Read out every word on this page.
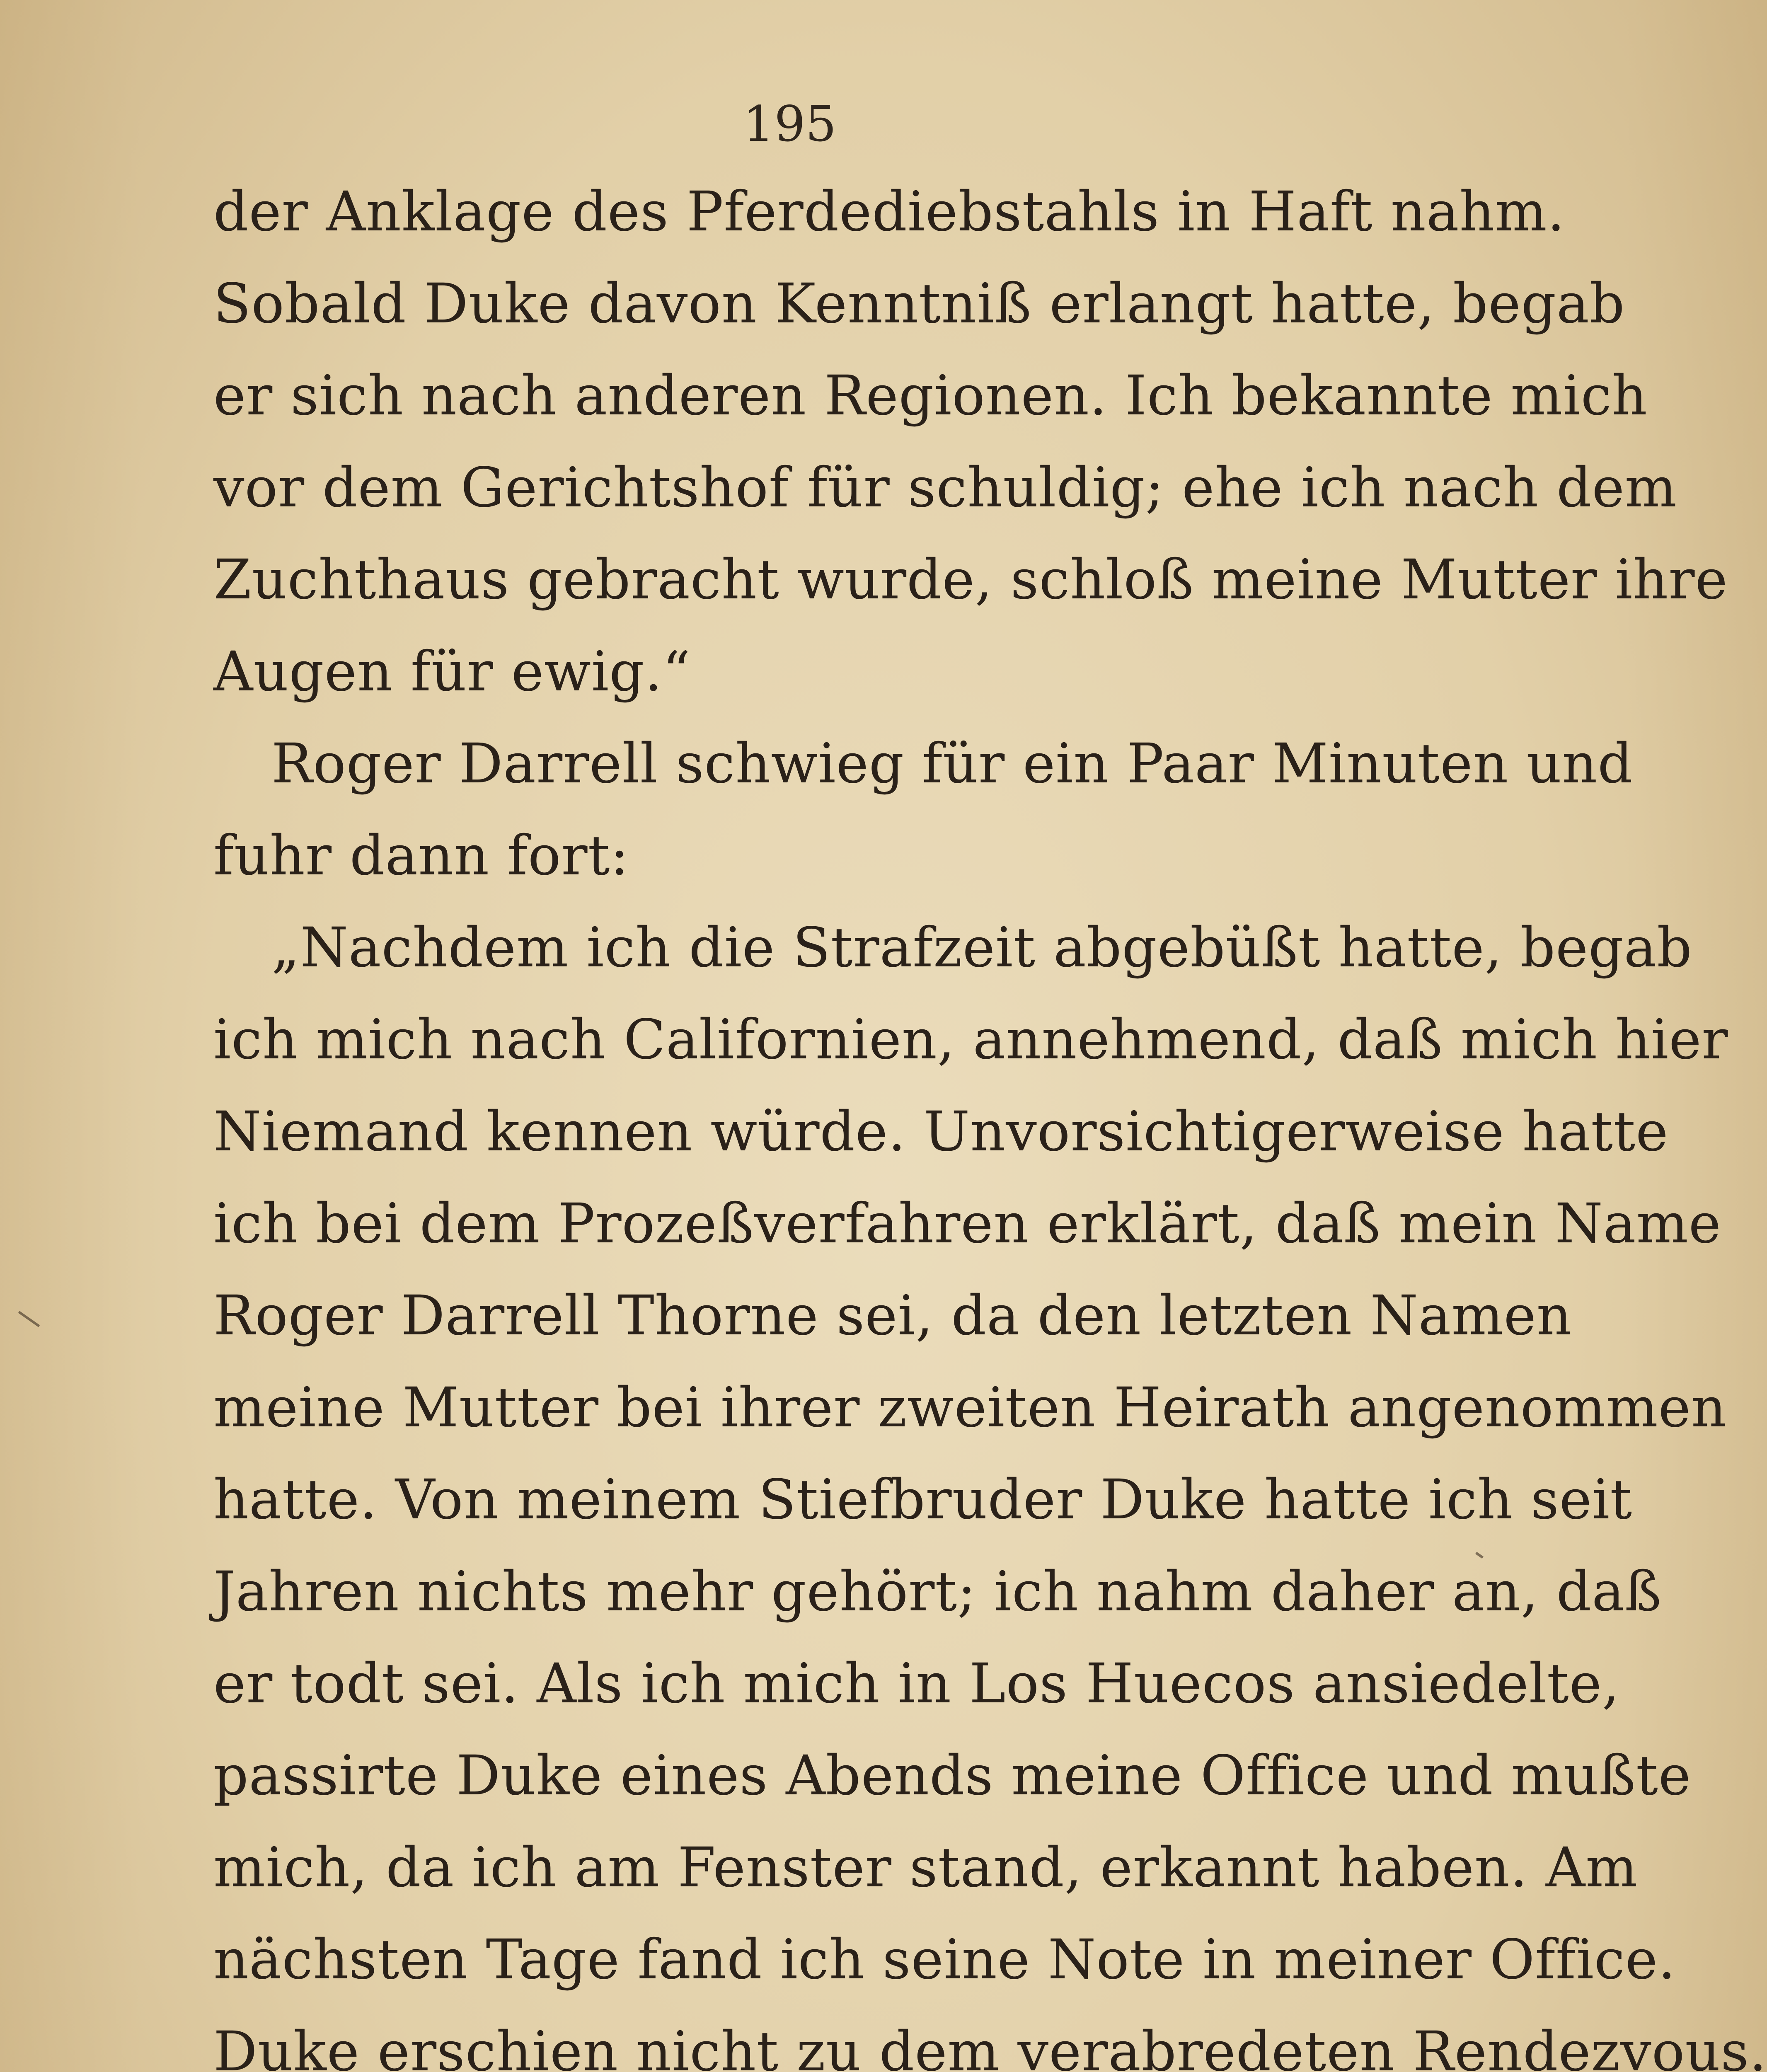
195
der Anklage des Pferdediebstahls in Haft nahm.
Sobald Duke davon Kenntniß erlangt hatte, begab
er sich nach anderen Regionen. Ich bekannte mich
vor dem Gerichtshof für schuldig; ehe ich nach dem
Zuchthaus gebracht wurde, schloß meine Mutter ihre
Augen für ewig.“
Roger Darrell schwieg für ein Paar Minuten und
fuhr dann fort:
„Nachdem ich die Strafzeit abgebüßt hatte, begab
ich mich nach Californien, annehmend, daß mich hier
Niemand kennen würde. Unvorsichtigerweise hatte
ich bei dem Prozeßverfahren erklärt, daß mein Name
Roger Darrell Thorne sei, da den letzten Namen
meine Mutter bei ihrer zweiten Heirath angenommen
hatte. Von meinem Stiefbruder Duke hatte ich seit
Jahren nichts mehr gehört; ich nahm daher an, daß
er todt sei. Als ich mich in Los Huecos ansiedelte,
passirte Duke eines Abends meine Office und mußte
mich, da ich am Fenster stand, erkannt haben. Am
nächsten Tage fand ich seine Note in meiner Office.
Duke erschien nicht zu dem verabredeten Rendezvous.
